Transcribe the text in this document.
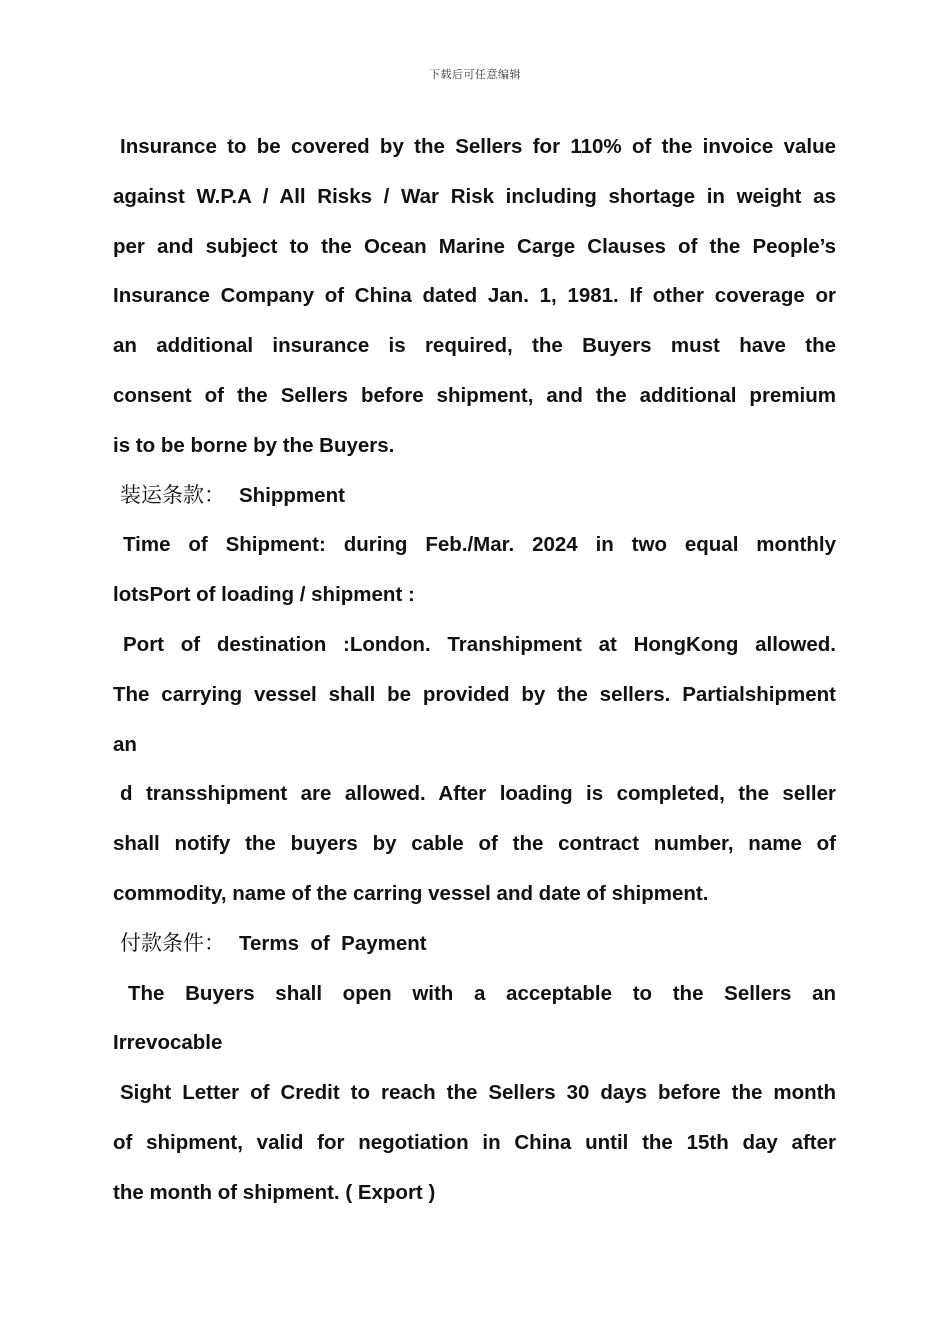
下载后可任意编辑
Insurance to be covered by the Sellers for 110% of the invoice value
against W.P.A / All Risks / War Risk including shortage in weight as
per and subject to the Ocean Marine Carge Clauses of the People’s
Insurance Company of China dated Jan. 1, 1981. If other coverage or
an additional insurance is required, the Buyers must have the
consent of the Sellers before shipment, and the additional premium
is to be borne by the Buyers.
装运条款： Shippment
Time of Shipment: during Feb./Mar. 2024 in two equal monthly
lotsPort of loading / shipment :
Port of destination :London. Transhipment at HongKong allowed.
The carrying vessel shall be provided by the sellers. Partialshipment
an
d transshipment are allowed. After loading is completed, the seller
shall notify the buyers by cable of the contract number, name of
commodity, name of the carring vessel and date of shipment.
付款条件： Terms  of  Payment
The Buyers shall open with a acceptable to the Sellers an
Irrevocable
Sight Letter of Credit to reach the Sellers 30 days before the month
of shipment, valid for negotiation in China until the 15th day after
the month of shipment. ( Export )
